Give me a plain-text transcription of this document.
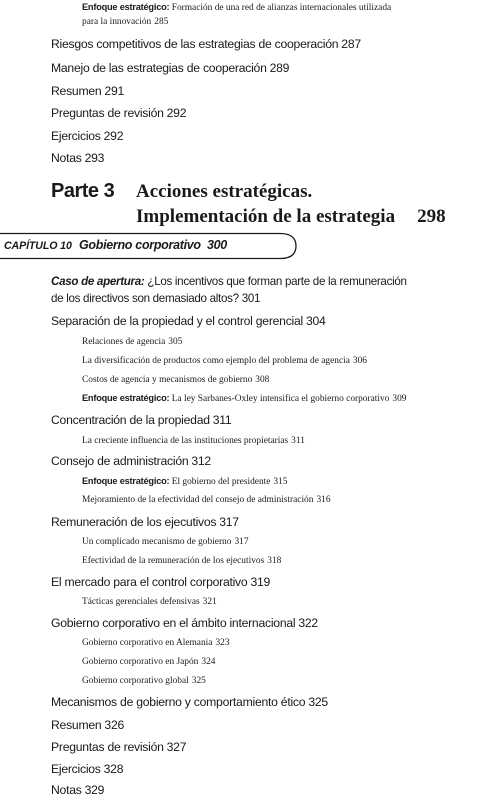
Enfoque estratégico: Formación de una red de alianzas internacionales utilizada
para la innovación 285
Riesgos competitivos de las estrategias de cooperación 287
Manejo de las estrategias de cooperación 289
Resumen 291
Preguntas de revisión 292
Ejercicios 292
Notas 293
Parte 3 Acciones estratégicas.
Implementación de la estrategia 298
CAPÍTULO 10 Gobierno corporativo 300
Caso de apertura: ¿Los incentivos que forman parte de la remuneración
de los directivos son demasiado altos? 301
Separación de la propiedad y el control gerencial 304
Relaciones de agencia 305
La diversificación de productos como ejemplo del problema de agencia 306
Costos de agencia y mecanismos de gobierno 308
Enfoque estratégico: La ley Sarbanes-Oxley intensifica el gobierno corporativo 309
Concentración de la propiedad 311
La creciente influencia de las instituciones propietarias 311
Consejo de administración 312
Enfoque estratégico: El gobierno del presidente 315
Mejoramiento de la efectividad del consejo de administración 316
Remuneración de los ejecutivos 317
Un complicado mecanismo de gobierno 317
Efectividad de la remuneración de los ejecutivos 318
El mercado para el control corporativo 319
Tácticas gerenciales defensivas 321
Gobierno corporativo en el ámbito internacional 322
Gobierno corporativo en Alemania 323
Gobierno corporativo en Japón 324
Gobierno corporativo global 325
Mecanismos de gobierno y comportamiento ético 325
Resumen 326
Preguntas de revisión 327
Ejercicios 328
Notas 329
